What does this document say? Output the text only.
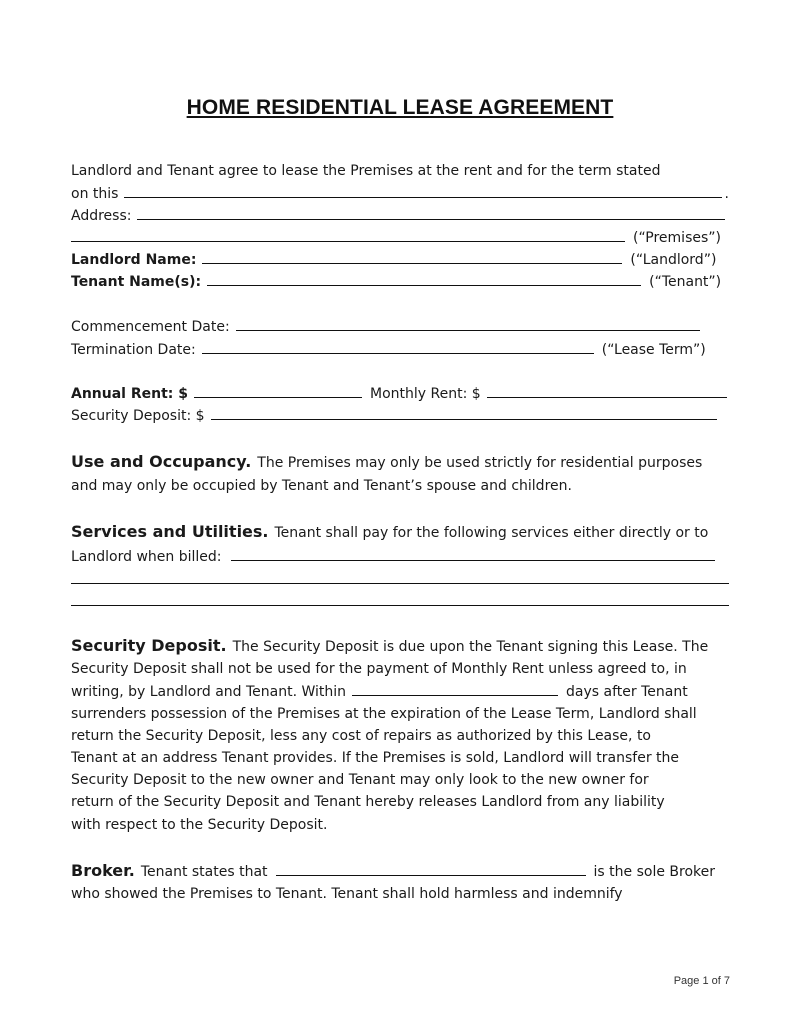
HOME RESIDENTIAL LEASE AGREEMENT
Landlord and Tenant agree to lease the Premises at the rent and for the term stated
on this	.
Address:
(“Premises”)
Landlord Name:	(“Landlord”)
Tenant Name(s):	(“Tenant”)
Commencement Date:
Termination Date:	(“Lease Term”)
Annual Rent: $	Monthly Rent: $
Security Deposit: $
Use and Occupancy. The Premises may only be used strictly for residential purposes
and may only be occupied by Tenant and Tenant’s spouse and children.
Services and Utilities. Tenant shall pay for the following services either directly or to
Landlord when billed:
Security Deposit. The Security Deposit is due upon the Tenant signing this Lease. The
Security Deposit shall not be used for the payment of Monthly Rent unless agreed to, in
writing, by Landlord and Tenant. Within	days after Tenant
surrenders possession of the Premises at the expiration of the Lease Term, Landlord shall
return the Security Deposit, less any cost of repairs as authorized by this Lease, to
Tenant at an address Tenant provides. If the Premises is sold, Landlord will transfer the
Security Deposit to the new owner and Tenant may only look to the new owner for
return of the Security Deposit and Tenant hereby releases Landlord from any liability
with respect to the Security Deposit.
Broker. Tenant states that	is the sole Broker
who showed the Premises to Tenant. Tenant shall hold harmless and indemnify
Page 1 of 7
